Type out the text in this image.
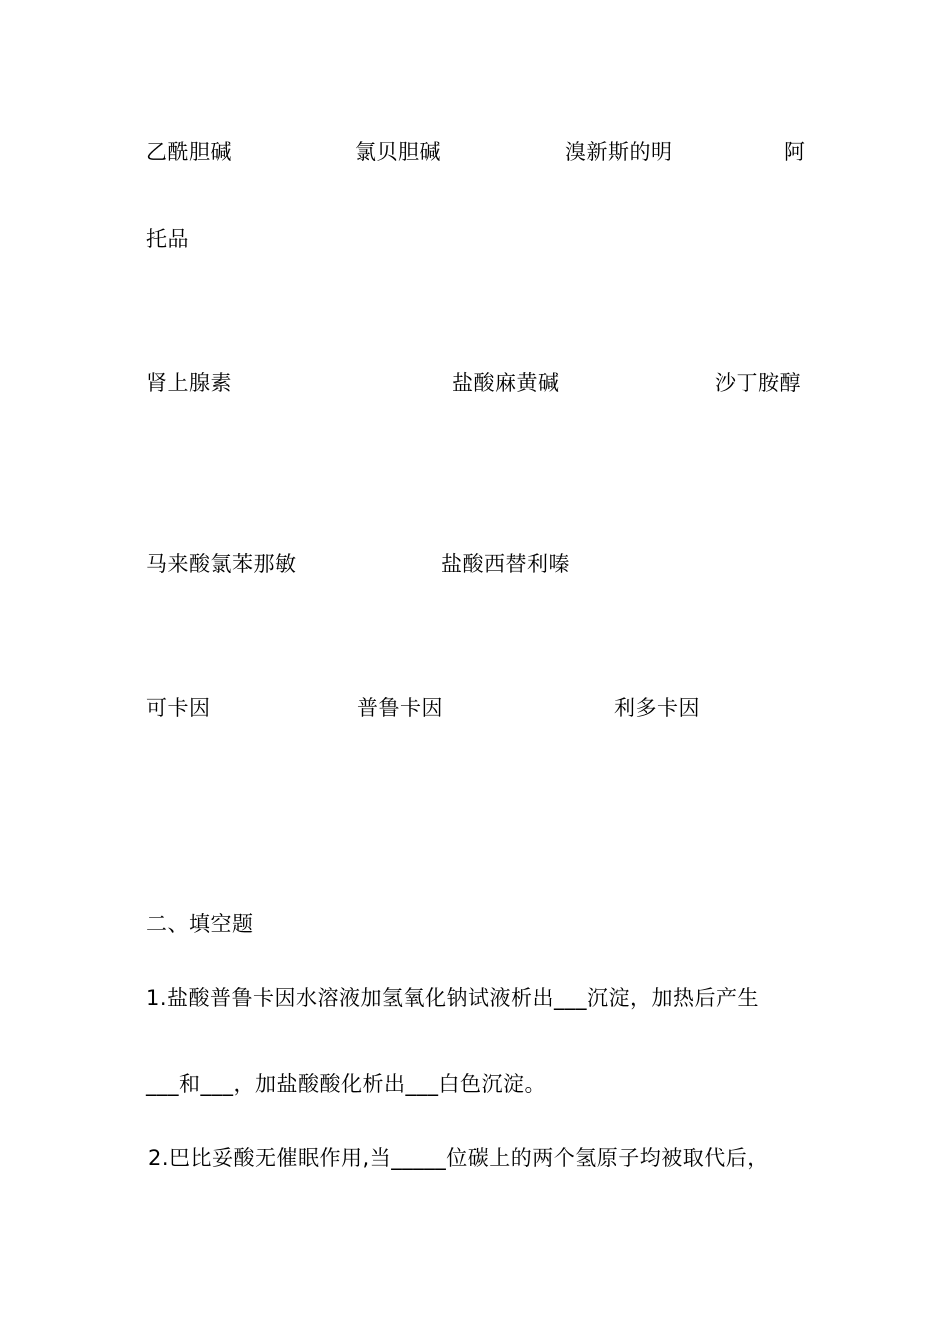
乙酰胆碱	氯贝胆碱	溴新斯的明	阿
托品
肾上腺素	盐酸麻黄碱	沙丁胺醇
马来酸氯苯那敏	盐酸西替利嗪
可卡因	普鲁卡因	利多卡因
二、填空题
1.盐酸普鲁卡因水溶液加氢氧化钠试液析出___沉淀，加热后产生
___和___，加盐酸酸化析出___白色沉淀。
2.巴比妥酸无催眠作用,当_____位碳上的两个氢原子均被取代后，
